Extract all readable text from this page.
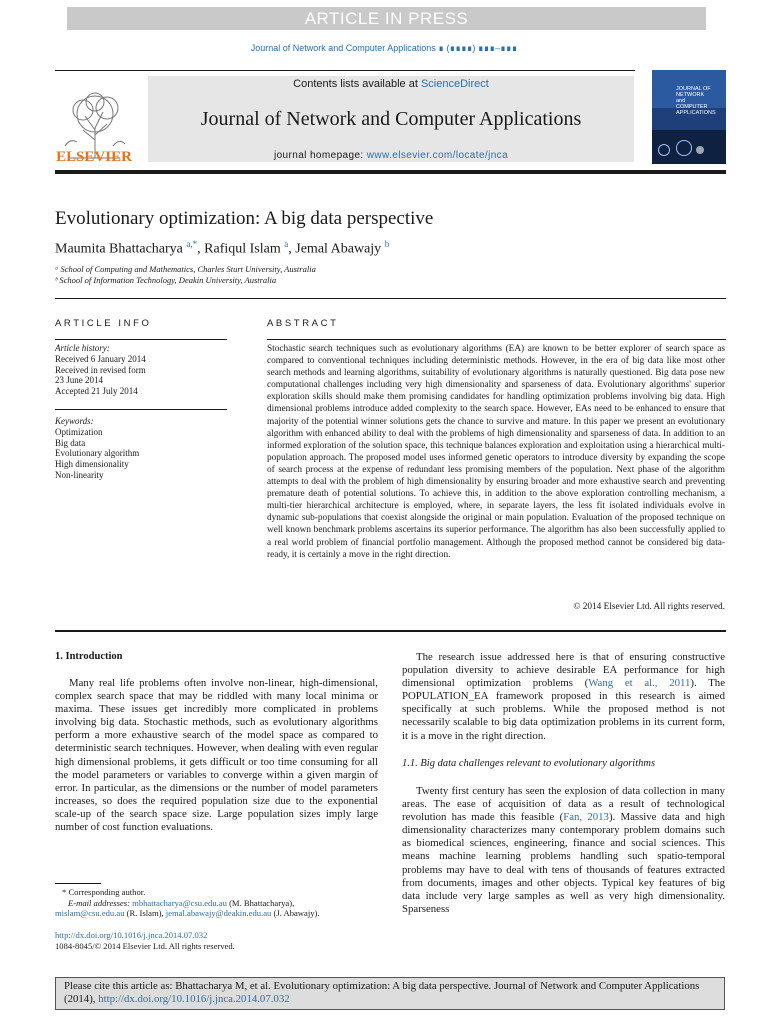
ARTICLE IN PRESS
Journal of Network and Computer Applications ∎ (∎∎∎∎) ∎∎∎–∎∎∎
Contents lists available at ScienceDirect
Journal of Network and Computer Applications
journal homepage: www.elsevier.com/locate/jnca
ELSEVIER
JOURNAL OF
NETWORK
and
COMPUTER
APPLICATIONS
Evolutionary optimization: A big data perspective
Maumita Bhattacharya $^{a,*}$, Rafiqul Islam $^a$, Jemal Abawajy $^b$
ᵃ School of Computing and Mathematics, Charles Sturt University, Australia
ᵇ School of Information Technology, Deakin University, Australia
ARTICLE INFO
Article history:
Received 6 January 2014
Received in revised form
23 June 2014
Accepted 21 July 2014
Keywords:
Optimization
Big data
Evolutionary algorithm
High dimensionality
Non-linearity
ABSTRACT
Stochastic search techniques such as evolutionary algorithms (EA) are known to be better explorer of search space as compared to conventional techniques including deterministic methods. However, in the era of big data like most other search methods and learning algorithms, suitability of evolutionary algorithms is naturally questioned. Big data pose new computational challenges including very high dimensionality and sparseness of data. Evolutionary algorithms' superior exploration skills should make them promising candidates for handling optimization problems involving big data. High dimensional problems introduce added complexity to the search space. However, EAs need to be enhanced to ensure that majority of the potential winner solutions gets the chance to survive and mature. In this paper we present an evolutionary algorithm with enhanced ability to deal with the problems of high dimensionality and sparseness of data. In addition to an informed exploration of the solution space, this technique balances exploration and exploitation using a hierarchical multi-population approach. The proposed model uses informed genetic operators to introduce diversity by expanding the scope of search process at the expense of redundant less promising members of the population. Next phase of the algorithm attempts to deal with the problem of high dimensionality by ensuring broader and more exhaustive search and preventing premature death of potential solutions. To achieve this, in addition to the above exploration controlling mechanism, a multi-tier hierarchical architecture is employed, where, in separate layers, the less fit isolated individuals evolve in dynamic sub-populations that coexist alongside the original or main population. Evaluation of the proposed technique on well known benchmark problems ascertains its superior performance. The algorithm has also been successfully applied to a real world problem of financial portfolio management. Although the proposed method cannot be considered big data-ready, it is certainly a move in the right direction.
© 2014 Elsevier Ltd. All rights reserved.
1. Introduction

Many real life problems often involve non-linear, high-dimensional, complex search space that may be riddled with many local minima or maxima. These issues get incredibly more complicated in problems involving big data. Stochastic methods, such as evolutionary algorithms perform a more exhaustive search of the model space as compared to deterministic search techniques. However, when dealing with even regular high dimensional problems, it gets difficult or too time consuming for all the model parameters or variables to converge within a given margin of error. In particular, as the dimensions or the number of model parameters increases, so does the required population size due to the exponential scale-up of the search space size. Large population sizes imply large number of cost function evaluations.

The research issue addressed here is that of ensuring constructive population diversity to achieve desirable EA performance for high dimensional optimization problems (Wang et al., 2011). The POPULATION_EA framework proposed in this research is aimed specifically at such problems. While the proposed method is not necessarily scalable to big data optimization problems in its current form, it is a move in the right direction.

1.1. Big data challenges relevant to evolutionary algorithms

Twenty first century has seen the explosion of data collection in many areas. The ease of acquisition of data as a result of technological revolution has made this feasible (Fan, 2013). Massive data and high dimensionality characterizes many contemporary problem domains such as biomedical sciences, engineering, finance and social sciences. This means machine learning problems handling such spatio-temporal problems may have to deal with tens of thousands of features extracted from documents, images and other objects. Typical key features of big data include very large samples as well as very high dimensionality. Sparseness

* Corresponding author.
E-mail addresses: mbhattacharya@csu.edu.au (M. Bhattacharya),
mislam@csu.edu.au (R. Islam), jemal.abawajy@deakin.edu.au (J. Abawajy).
http://dx.doi.org/10.1016/j.jnca.2014.07.032
1084-8045/© 2014 Elsevier Ltd. All rights reserved.
Please cite this article as: Bhattacharya M, et al. Evolutionary optimization: A big data perspective. Journal of Network and Computer Applications (2014), http://dx.doi.org/10.1016/j.jnca.2014.07.032
